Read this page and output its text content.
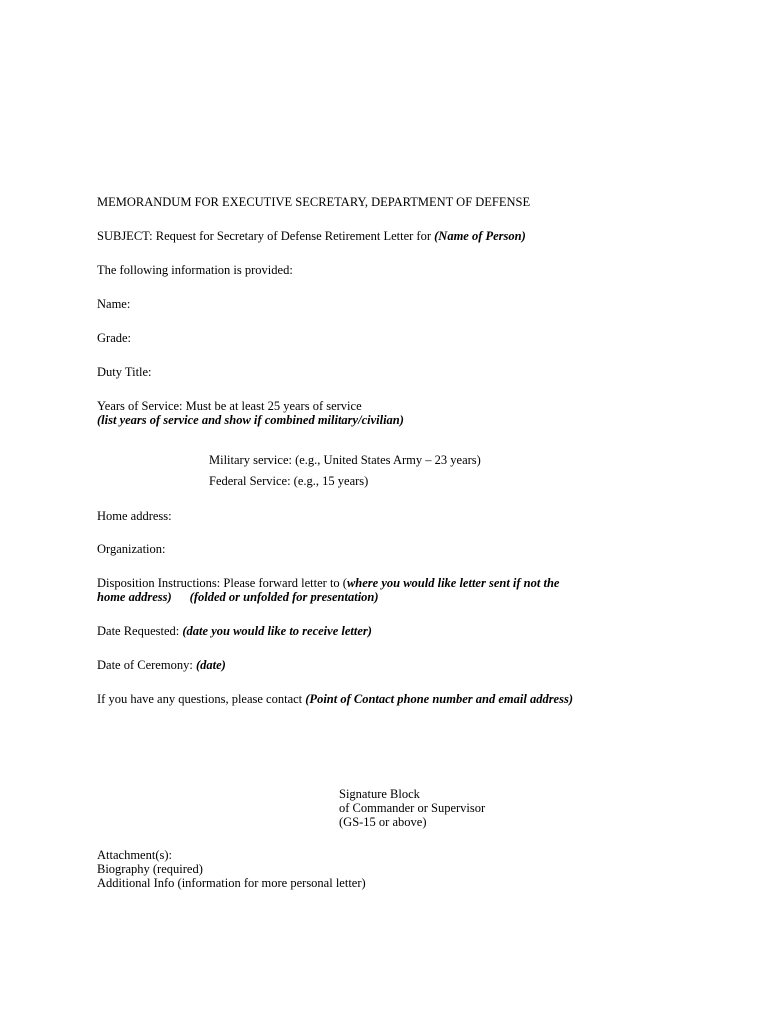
MEMORANDUM FOR EXECUTIVE SECRETARY, DEPARTMENT OF DEFENSE
SUBJECT: Request for Secretary of Defense Retirement Letter for (Name of Person)
The following information is provided:
Name:
Grade:
Duty Title:
Years of Service: Must be at least 25 years of service
(list years of service and show if combined military/civilian)
Military service: (e.g., United States Army – 23 years)
Federal Service: (e.g., 15 years)
Home address:
Organization:
Disposition Instructions: Please forward letter to (where you would like letter sent if not the
home address) (folded or unfolded for presentation)
Date Requested: (date you would like to receive letter)
Date of Ceremony: (date)
If you have any questions, please contact (Point of Contact phone number and email address)
Signature Block
of Commander or Supervisor
(GS-15 or above)
Attachment(s):
Biography (required)
Additional Info (information for more personal letter)
